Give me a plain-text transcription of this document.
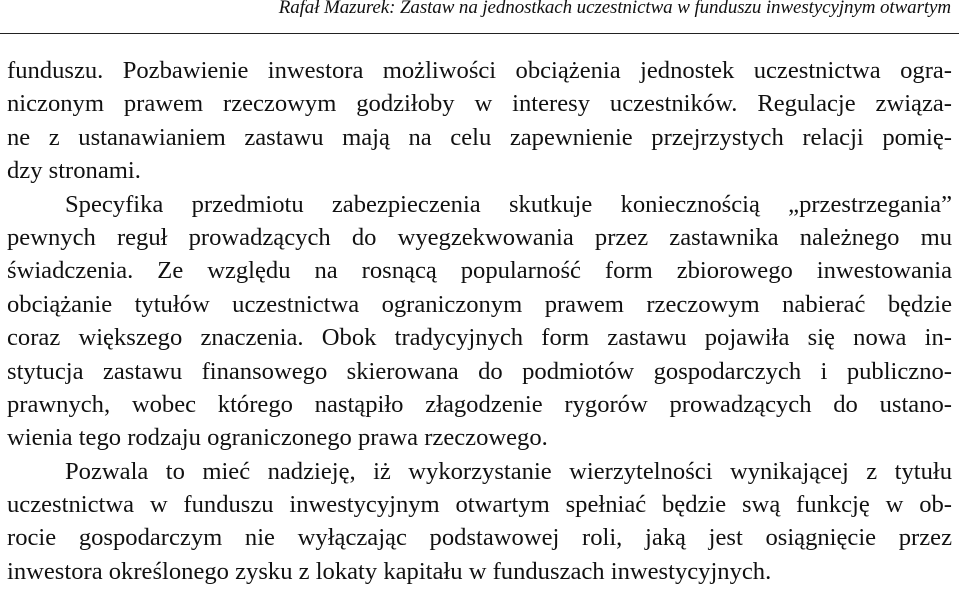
Rafał Mazurek: Zastaw na jednostkach uczestnictwa w funduszu inwestycyjnym otwartym
funduszu. Pozbawienie inwestora możliwości obciążenia jednostek uczestnictwa ogra-
niczonym prawem rzeczowym godziłoby w interesy uczestników. Regulacje związa-
ne z ustanawianiem zastawu mają na celu zapewnienie przejrzystych relacji pomię-
dzy stronami.
Specyfika przedmiotu zabezpieczenia skutkuje koniecznością „przestrzegania”
pewnych reguł prowadzących do wyegzekwowania przez zastawnika należnego mu
świadczenia. Ze względu na rosnącą popularność form zbiorowego inwestowania
obciążanie tytułów uczestnictwa ograniczonym prawem rzeczowym nabierać będzie
coraz większego znaczenia. Obok tradycyjnych form zastawu pojawiła się nowa in-
stytucja zastawu finansowego skierowana do podmiotów gospodarczych i publiczno-
prawnych, wobec którego nastąpiło złagodzenie rygorów prowadzących do ustano-
wienia tego rodzaju ograniczonego prawa rzeczowego.
Pozwala to mieć nadzieję, iż wykorzystanie wierzytelności wynikającej z tytułu
uczestnictwa w funduszu inwestycyjnym otwartym spełniać będzie swą funkcję w ob-
rocie gospodarczym nie wyłączając podstawowej roli, jaką jest osiągnięcie przez
inwestora określonego zysku z lokaty kapitału w funduszach inwestycyjnych.
